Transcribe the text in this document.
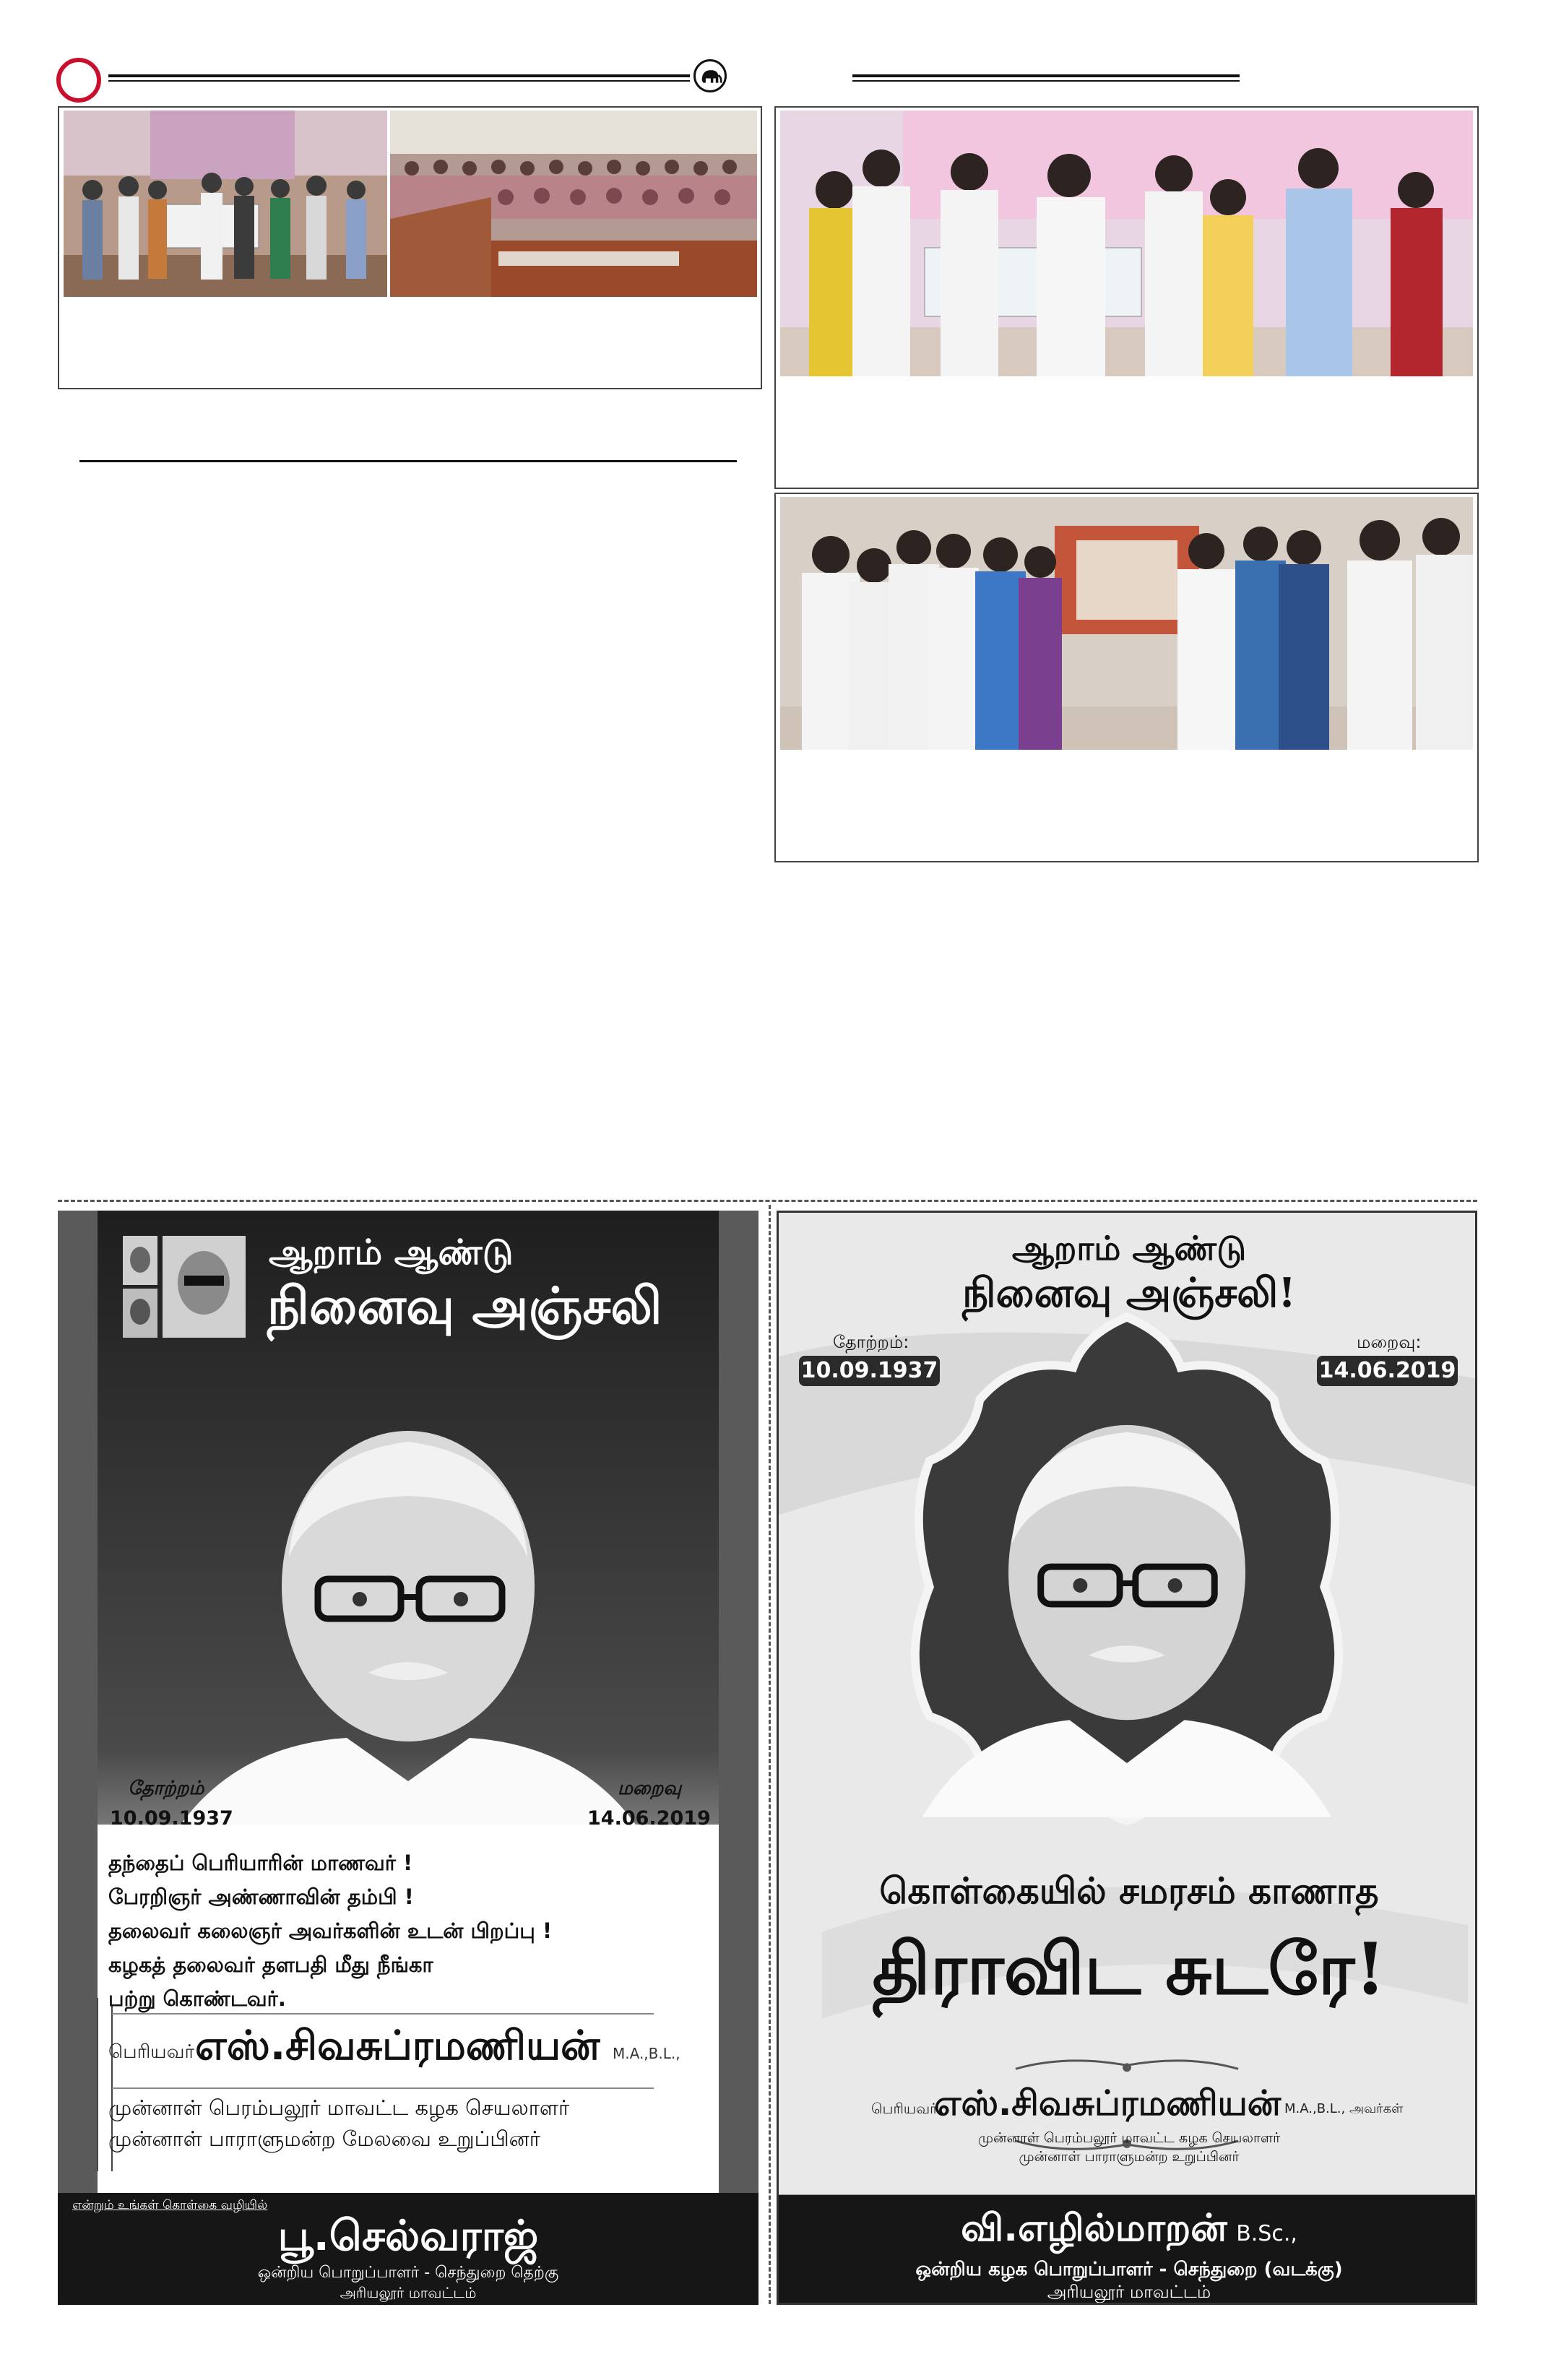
ஆறாம் ஆண்டு
நினைவு அஞ்சலி
தோற்றம்
10.09.1937
மறைவு
14.06.2019
தந்தைப் பெரியாரின் மாணவர் !
பேரறிஞர் அண்ணாவின் தம்பி !
தலைவர் கலைஞர் அவர்களின் உடன் பிறப்பு !
கழகத் தலைவர் தளபதி மீது நீங்கா
பற்று கொண்டவர்.
பெரியவர் எஸ்.சிவசுப்ரமணியன் M.A.,B.L.,
முன்னாள் பெரம்பலூர் மாவட்ட கழக செயலாளர்
முன்னாள் பாராளுமன்ற மேலவை உறுப்பினர்
என்றும் உங்கள் கொள்கை வழியில்
பூ.செல்வராஜ்
ஒன்றிய பொறுப்பாளர் - செந்துறை தெற்கு
அரியலூர் மாவட்டம்
ஆறாம் ஆண்டு
நினைவு அஞ்சலி!
தோற்றம்:
10.09.1937
மறைவு:
14.06.2019
கொள்கையில் சமரசம் காணாத
திராவிட சுடரே!
பெரியவர்
எஸ்.சிவசுப்ரமணியன் M.A.,B.L., அவர்கள்
முன்னாள் பெரம்பலூர் மாவட்ட கழக செயலாளர்
முன்னாள் பாராளுமன்ற உறுப்பினர்
வி.எழில்மாறன் B.Sc.,
ஒன்றிய கழக பொறுப்பாளர் - செந்துறை (வடக்கு)
அரியலூர் மாவட்டம்
